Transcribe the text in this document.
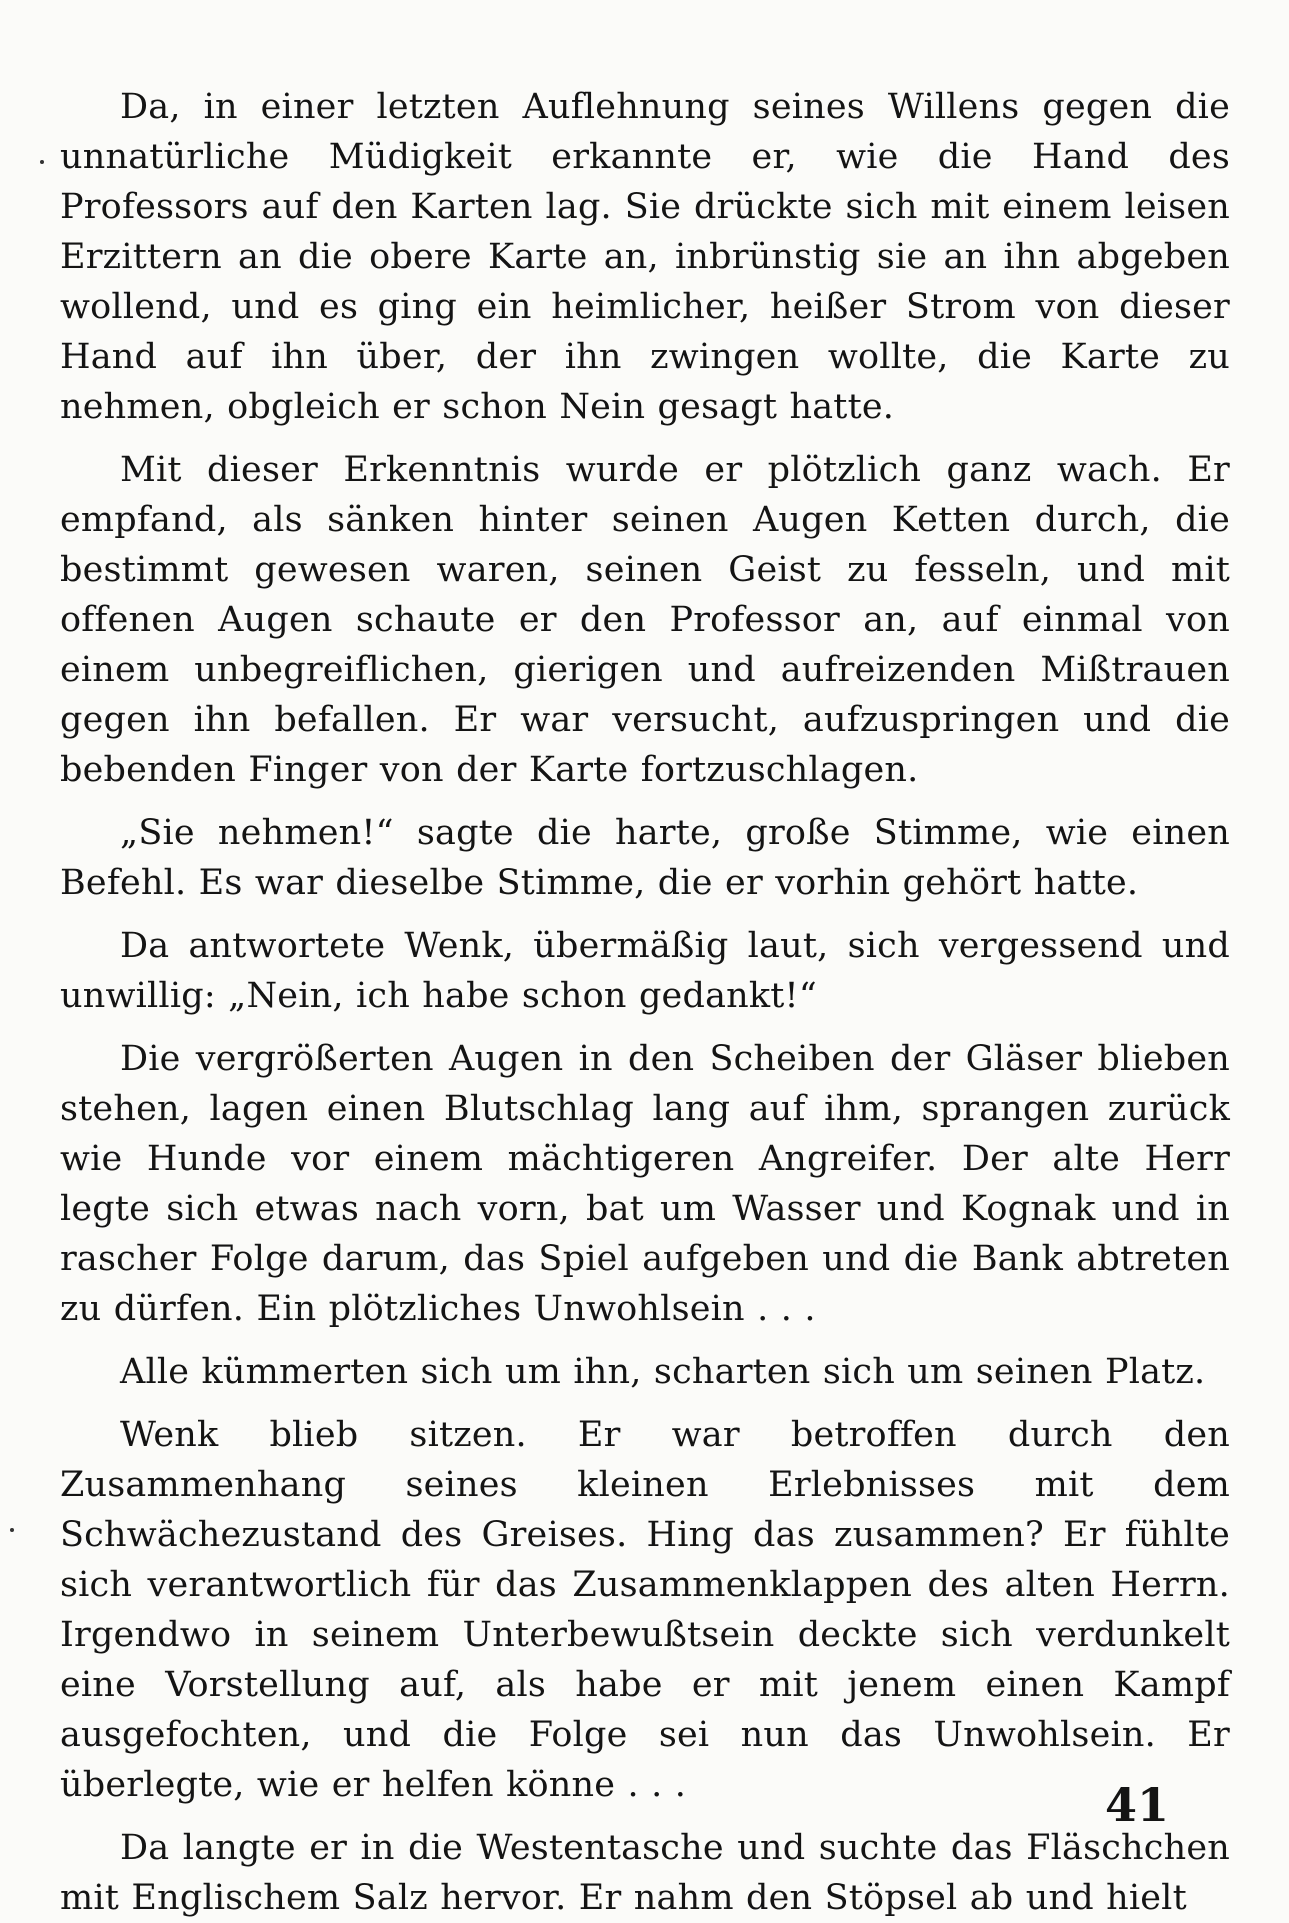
Da, in einer letzten Auflehnung seines Willens gegen die unnatürliche Müdigkeit erkannte er, wie die Hand des Professors auf den Karten lag. Sie drückte sich mit einem leisen Erzittern an die obere Karte an, inbrünstig sie an ihn abgeben wollend, und es ging ein heimlicher, heißer Strom von dieser Hand auf ihn über, der ihn zwingen wollte, die Karte zu nehmen, obgleich er schon Nein gesagt hatte.

Mit dieser Erkenntnis wurde er plötzlich ganz wach. Er empfand, als sänken hinter seinen Augen Ketten durch, die bestimmt gewesen waren, seinen Geist zu fesseln, und mit offenen Augen schaute er den Professor an, auf einmal von einem unbegreiflichen, gierigen und aufreizenden Mißtrauen gegen ihn befallen. Er war versucht, aufzuspringen und die bebenden Finger von der Karte fortzuschlagen.

„Sie nehmen!“ sagte die harte, große Stimme, wie einen Befehl. Es war dieselbe Stimme, die er vorhin gehört hatte.

Da antwortete Wenk, übermäßig laut, sich vergessend und unwillig: „Nein, ich habe schon gedankt!“

Die vergrößerten Augen in den Scheiben der Gläser blieben stehen, lagen einen Blutschlag lang auf ihm, sprangen zurück wie Hunde vor einem mächtigeren Angreifer. Der alte Herr legte sich etwas nach vorn, bat um Wasser und Kognak und in rascher Folge darum, das Spiel aufgeben und die Bank abtreten zu dürfen. Ein plötzliches Unwohlsein . . .

Alle kümmerten sich um ihn, scharten sich um seinen Platz.

Wenk blieb sitzen. Er war betroffen durch den Zusammenhang seines kleinen Erlebnisses mit dem Schwächezustand des Greises. Hing das zusammen? Er fühlte sich verantwortlich für das Zusammenklappen des alten Herrn. Irgendwo in seinem Unterbewußtsein deckte sich verdunkelt eine Vorstellung auf, als habe er mit jenem einen Kampf ausgefochten, und die Folge sei nun das Unwohlsein. Er überlegte, wie er helfen könne . . .

Da langte er in die Westentasche und suchte das Fläschchen mit Englischem Salz hervor. Er nahm den Stöpsel ab und hielt

41
